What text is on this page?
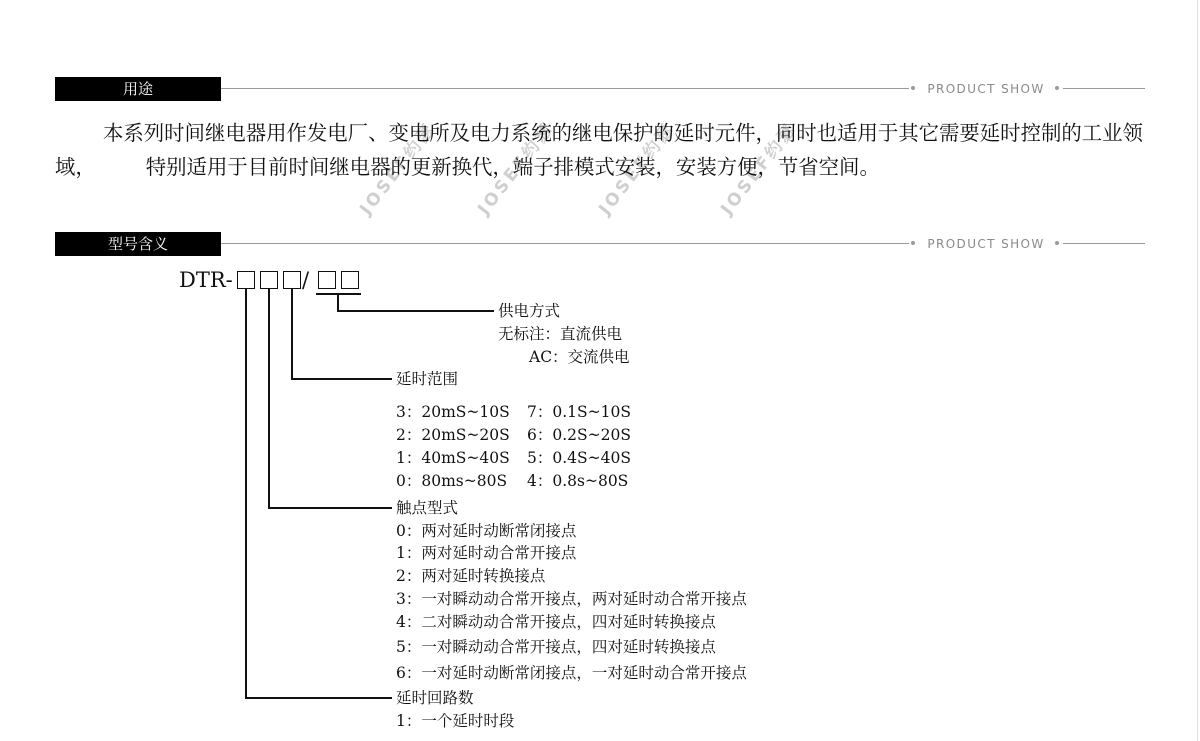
用途	PRODUCT SHOW
JOSEF约瑟 JOSEF约瑟 JOSEF约瑟 JOSEF约瑟

本系列时间继电器用作发电厂、变电所及电力系统的继电保护的延时元件，同时也适用于其它需要延时控制的工业领域， 特别适用于目前时间继电器的更新换代，端子排模式安装，安装方便，节省空间。

型号含义	PRODUCT SHOW
DTR-	/
供电方式
无标注：直流供电
AC：交流供电
延时范围
3：20mS~10S 7：0.1S~10S
2：20mS~20S 6：0.2S~20S
1：40mS~40S 5：0.4S~40S
0：80ms~80S 4：0.8s~80S
触点型式
0：两对延时动断常闭接点
1：两对延时动合常开接点
2：两对延时转换接点
3：一对瞬动动合常开接点，两对延时动合常开接点
4：二对瞬动动合常开接点，四对延时转换接点
5：一对瞬动动合常开接点，四对延时转换接点
6：一对延时动断常闭接点，一对延时动合常开接点
延时回路数
1：一个延时时段
